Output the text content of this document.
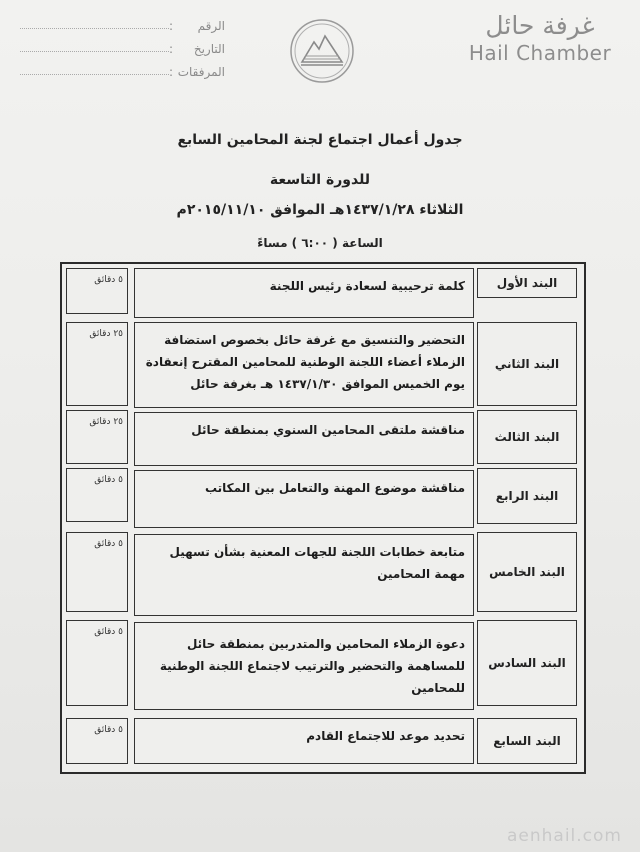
الرقم
:
التاريخ
:
المرفقات
:
غرفة حائل
Hail Chamber
جدول أعمال اجتماع لجنة المحامين السابع
للدورة التاسعة
الثلاثاء ١٤٣٧/١/٢٨هـ الموافق ٢٠١٥/١١/١٠م
الساعة ( ٦:٠٠ ) مساءً
البند الأول
كلمة ترحيبية لسعادة رئيس اللجنة
٥ دقائق
البند الثاني
التحضير والتنسيق مع غرفة حائل بخصوص استضافة الزملاء أعضاء اللجنة الوطنية للمحامين المقترح إنعقادة يوم الخميس الموافق ١٤٣٧/١/٣٠ هـ بغرفة حائل
٢٥ دقائق
البند الثالث
مناقشة ملتقى المحامين السنوي بمنطقة حائل
٢٥ دقائق
البند الرابع
مناقشة موضوع المهنة والتعامل بين المكاتب
٥ دقائق
البند الخامس
متابعة خطابات اللجنة للجهات المعنية بشأن تسهيل مهمة المحامين
٥ دقائق
البند السادس
دعوة الزملاء المحامين والمتدربين بمنطقة حائل للمساهمة والتحضير والترتيب لاجتماع اللجنة الوطنية للمحامين
٥ دقائق
البند السابع
تحديد موعد للاجتماع القادم
٥ دقائق
aenhail.com
